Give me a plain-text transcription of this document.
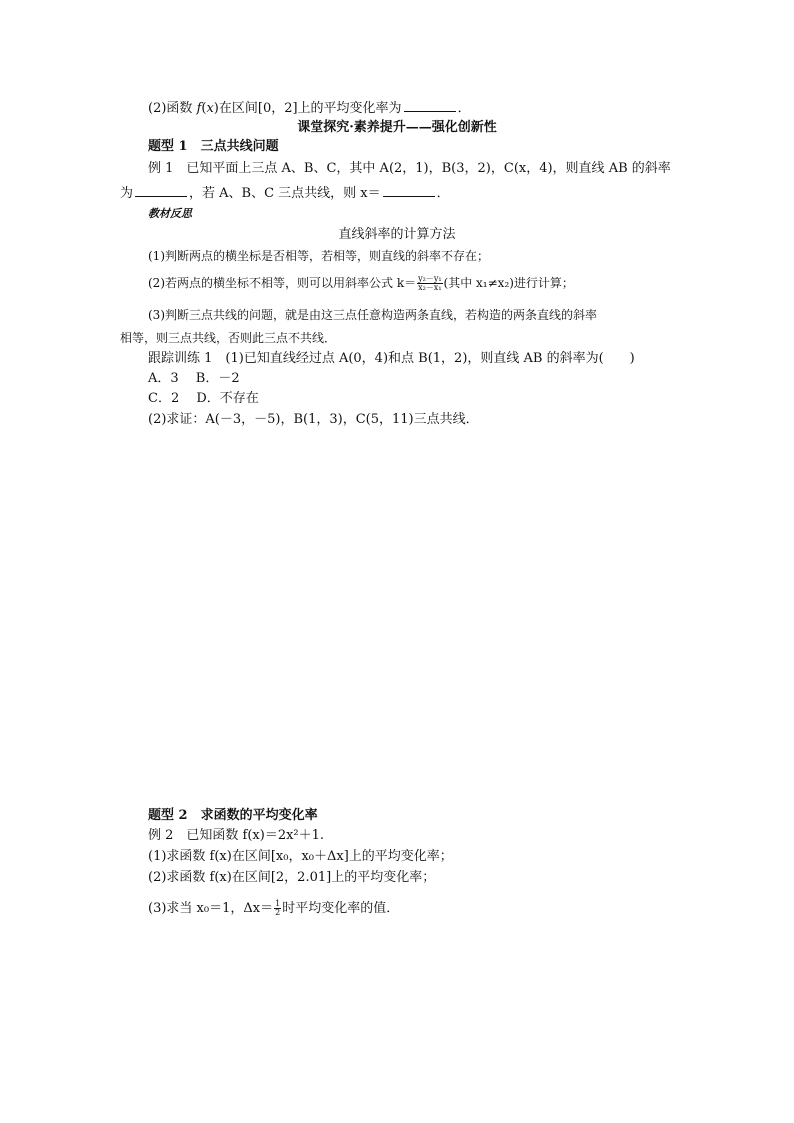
(2)函数 f(x)在区间[0，2]上的平均变化率为	．
课堂探究·素养提升——强化创新性
题型 1　三点共线问题
例 1　已知平面上三点 A、B、C，其中 A(2，1)，B(3，2)，C(x，4)，则直线 AB 的斜率
为	，若 A、B、C 三点共线，则 x＝	．
教材反思
直线斜率的计算方法
(1)判断两点的横坐标是否相等，若相等，则直线的斜率不存在；
(2)若两点的横坐标不相等，则可以用斜率公式 $k= \frac{\text{y₂－y₁}}{\text{x₂－x₁}}$ (其中 x₁≠x₂)进行计算；
(3)判断三点共线的问题，就是由这三点任意构造两条直线，若构造的两条直线的斜率
相等，则三点共线，否则此三点不共线．
跟踪训练 1　(1)已知直线经过点 A(0，4)和点 B(1，2)，则直线 AB 的斜率为(　　)
A．3　 B．－2
C．2　 D．不存在
(2)求证：A(－3，－5)，B(1，3)，C(5，11)三点共线．
题型 2　求函数的平均变化率
例 2　已知函数 f(x)＝2x²＋1.
(1)求函数 f(x)在区间[x₀，x₀＋Δx]上的平均变化率；
(2)求函数 f(x)在区间[2，2.01]上的平均变化率；
(3)求当 x₀＝1，$\Delta x= \frac{1}{2}$ 时平均变化率的值．
